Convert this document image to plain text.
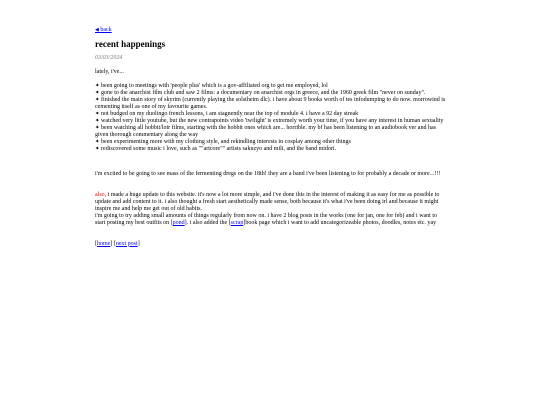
◀ back
recent happenings
03/03/2024
lately, i've...
✦ been going to meetings with 'people plus' which is a gov-affiliated org to get me employed, lol
✦ gone to the anarchist film club and saw 2 films: a documentary on anarchist orgs in greece, and the 1960 greek film "never on sunday".
✦ finished the main story of skyrim (currently playing the solstheim dlc). i have about 9 books worth of tes infodumping to do now. morrowind is cementing itself as one of my favourite games.
✦ not budged on my duolingo french lessons, i am stagnently near the top of module 4. i have a 92 day streak
✦ watched very little youtube, but the new contrapoints video 'twilight' is extremely worth your time, if you have any interest in human sexuality
✦ been watching all hobbit/lotr films, starting with the hobbit ones which are... horrible. my bf has been listening to an audiobook ver and has given thorough commentary along the way
✦ been experimenting more with my clothing style, and rekindling interests in cosplay among other things
✦ rediscovered some music i love, such as ""artcore"" artists sakuzyo and mili, and the band midori.
i'm excited to be going to see mass of the fermenting dregs on the 18th! they are a band i've been listening to for probably a decade or more...!!!
also, i made a huge update to this website. it's now a lot more simple, and i've done this in the interest of making it as easy for me as possible to update and add content to it. i also thought a fresh start aesthetically made sense, both because it's what i've been doing irl and because it might inspire me and help me get out of old habits.
i'm going to try adding small amounts of things regularly from now on. i have 2 blog posts in the works (one for jan, one for feb) and i want to start posting my best outfits on [pond]. i also added the [scrap]book page which i want to add uncategorizeable photos, doodles, notes etc. yay
[home] [next post]
